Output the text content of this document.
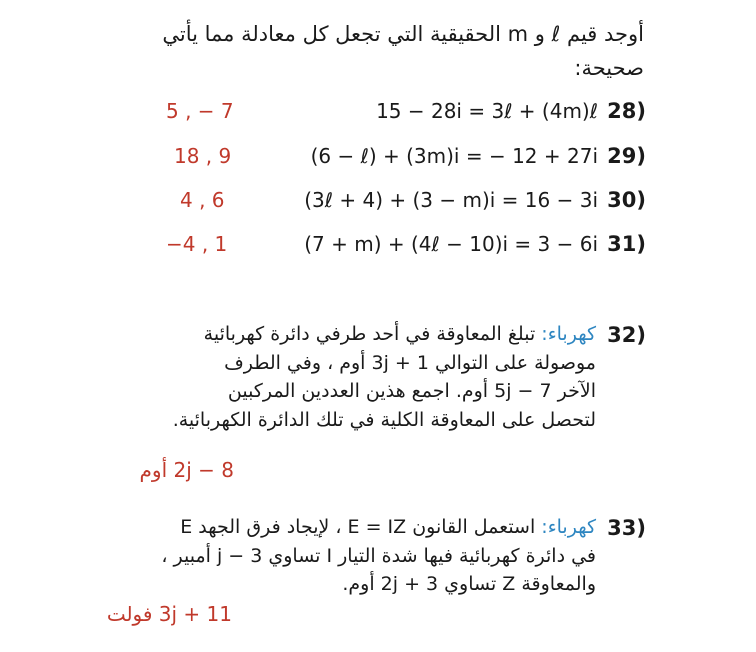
أوجد قيم ℓ و m الحقيقية التي تجعل كل معادلة مما يأتي
صحيحة:
28)
15 − 28i = 3ℓ + (4m)ℓ
5 , − 7
29)
(6 − ℓ) + (3m)i = − 12 + 27i
18 , 9
30)
(3ℓ + 4) + (3 − m)i = 16 − 3i
4 , 6
31)
(7 + m) + (4ℓ − 10)i = 3 − 6i
−4 , 1
32)
كهرباء: تبلغ المعاوقة في أحد طرفي دائرة كهربائية
موصولة على التوالي 3j + 1 أوم ، وفي الطرف
الآخر 5j − 7 أوم. اجمع هذين العددين المركبين
لتحصل على المعاوقة الكلية في تلك الدائرة الكهربائية.
2j − 8 أوم
33)
كهرباء: استعمل القانون E = IZ ، لإيجاد فرق الجهد E
في دائرة كهربائية فيها شدة التيار I تساوي j − 3 أمبير ،
والمعاوقة Z تساوي 2j + 3 أوم.
3j + 11 فولت
